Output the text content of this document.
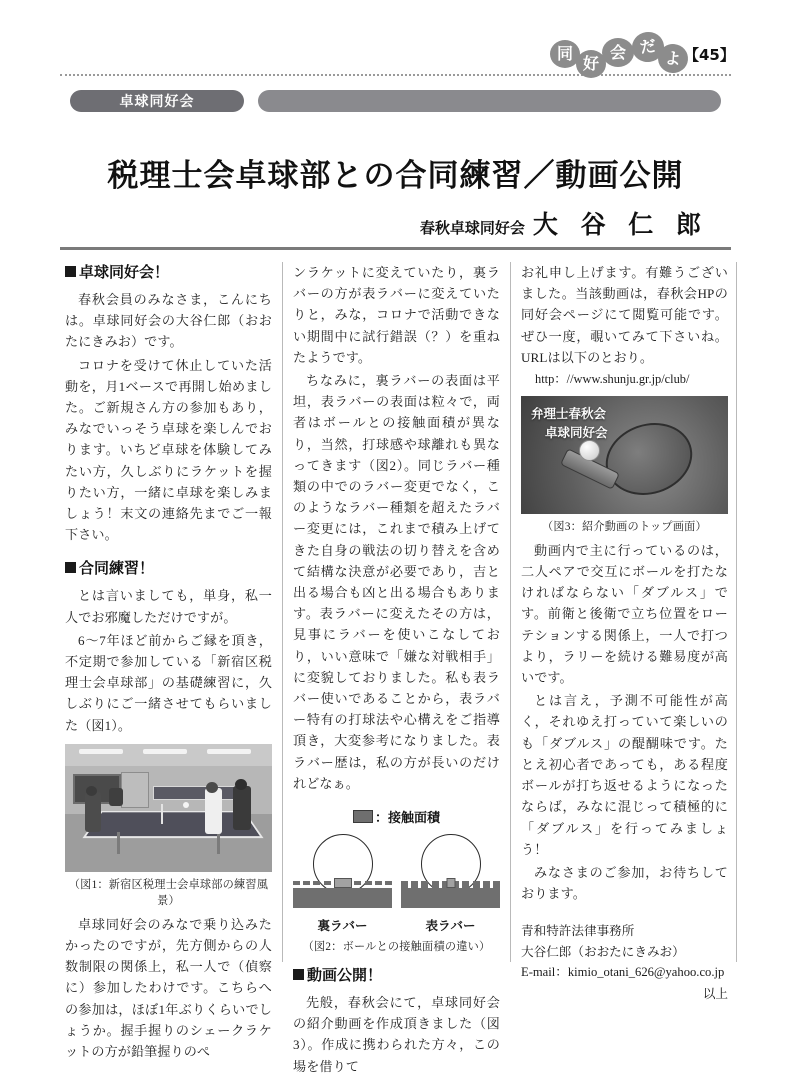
同
好
会 だ
よ 【45】
卓球同好会
税理士会卓球部との合同練習／動画公開
春秋卓球同好会 大 谷 仁 郎
卓球同好会！

春秋会員のみなさま，こんにちは。卓球同好会の大谷仁郎（おおたにきみお）です。

コロナを受けて休止していた活動を，月1ベースで再開し始めました。ご新規さん方の参加もあり，みなでいっそう卓球を楽しんでおります。いちど卓球を体験してみたい方，久しぶりにラケットを握りたい方，一緒に卓球を楽しみましょう！末文の連絡先までご一報下さい。

合同練習！

とは言いましても，単身，私一人でお邪魔しただけですが。

6〜7年ほど前からご縁を頂き，不定期で参加している「新宿区税理士会卓球部」の基礎練習に，久しぶりにご一緒させてもらいました（図1）。

（図1：新宿区税理士会卓球部の練習風景）

卓球同好会のみなで乗り込みたかったのですが，先方側からの人数制限の関係上，私一人で（偵察に）参加したわけです。こちらへの参加は，ほぼ1年ぶりくらいでしょうか。握手握りのシェークラケットの方が鉛筆握りのぺ

ンラケットに変えていたり，裏ラバーの方が表ラバーに変えていたりと，みな，コロナで活動できない期間中に試行錯誤（？）を重ねたようです。

ちなみに，裏ラバーの表面は平坦，表ラバーの表面は粒々で，両者はボールとの接触面積が異なり，当然，打球感や球離れも異なってきます（図2）。同じラバー種類の中でのラバー変更でなく，このようなラバー種類を超えたラバー変更には，これまで積み上げてきた自身の戦法の切り替えを含めて結構な決意が必要であり，吉と出る場合も凶と出る場合もあります。表ラバーに変えたその方は，見事にラバーを使いこなしており，いい意味で「嫌な対戦相手」に変貌しておりました。私も表ラバー使いであることから，表ラバー特有の打球法や心構えをご指導頂き，大変参考になりました。表ラバー歴は，私の方が長いのだけれどなぁ。

：接触面積
裏ラバー	表ラバー
（図2：ボールとの接触面積の違い）
動画公開！

先般，春秋会にて，卓球同好会の紹介動画を作成頂きました（図3）。作成に携わられた方々，この場を借りて

お礼申し上げます。有難うございました。当該動画は，春秋会HPの同好会ページにて閲覧可能です。ぜひ一度，覗いてみて下さいね。URLは以下のとおり。

http：//www.shunju.gr.jp/club/
弁理士春秋会
卓球同好会
（図3：紹介動画のトップ画面）

動画内で主に行っているのは，二人ペアで交互にボールを打たなければならない「ダブルス」です。前衛と後衛で立ち位置をローテションする関係上，一人で打つより，ラリーを続ける難易度が高いです。

とは言え，予測不可能性が高く，それゆえ打っていて楽しいのも「ダブルス」の醍醐味です。たとえ初心者であっても，ある程度ボールが打ち返せるようになったならば，みなに混じって積極的に「ダブルス」を行ってみましょう！

みなさまのご参加，お待ちしております。

青和特許法律事務所
大谷仁郎（おおたにきみお）
E-mail：kimio_otani_626@yahoo.co.jp
以上
